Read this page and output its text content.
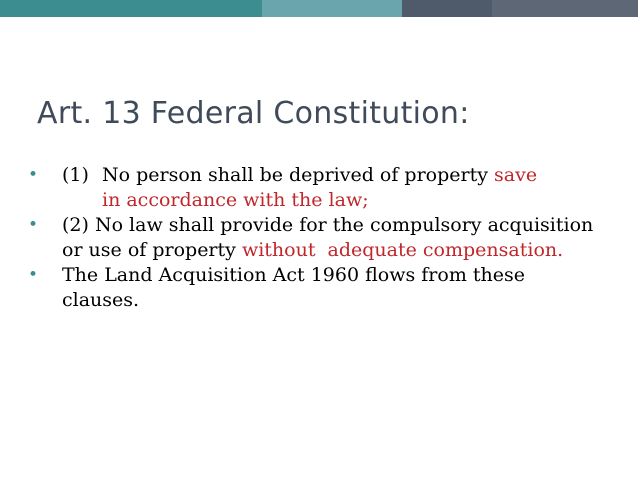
Art. 13 Federal Constitution:
• (1) No person shall be deprived of property save
in accordance with the law;
• (2) No law shall provide for the compulsory acquisition or use of property without  adequate compensation.
• The Land Acquisition Act 1960 flows from these clauses.
